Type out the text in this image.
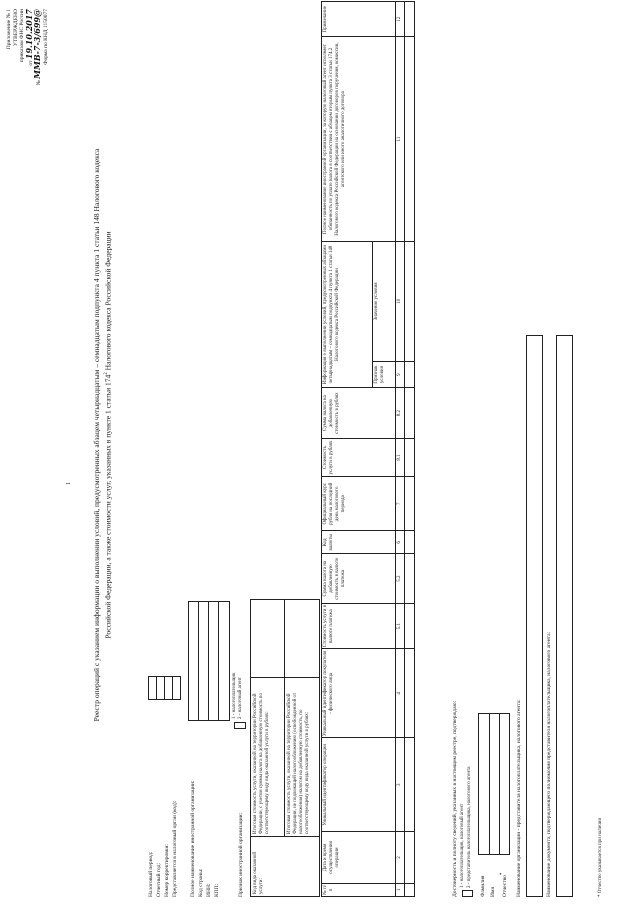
1
Приложение № 1 УТВЕРЖДЕНО приказом ФНС России
от 19.10.2017
№ ММВ-7-3/699@ Форма по КНД 1150077
Реестр операций с указанием информации о выполнении условий, предусмотренных абзацем четырнадцатым – семнадцатым подпункта 4 пункта 1 статьи 148 Налогового кодекса Российской Федерации, а также стоимости услуг, указанных в пункте 1 статьи $174^2$ Налогового кодекса Российской Федерации
Налоговый период: Отчетный год: Номер корректировки: Представляется в налоговый орган (код):	Полное наименование иностранной организации: Код страны: ИНН: КПП:	Признак иностранной организации:
1 - налогоплательщик 2 - налоговый агент
Код вида оказанной услуги:
Итоговая стоимость услуги, оказанной на территории Российской Федерации, с учетом суммы налога на добавленную стоимость по соответствующему виду вида оказанной услуги в рублях:	Итоговая стоимость услуги, оказанной на территории Российской Федерации, не подлежащей налогообложению (освобожденной от налогообложения) налогом на добавленную стоимость, по соответствующему коду вида оказанной услуги в рублях:
№ п/п	Дата и время осуществления операции	Уникальный идентификатор операции	Уникальный идентификатор покупателя - физического лица	Стоимость услуги в валюте платежа	Сумма налога на добавленную стоимость в валюте платежа	Код валюты	Официальный курс рубля на последний день налогового периода	Стоимость услуги в рублях	Сумма налога на добавленную стоимость в рублях	Информация о выполнении условий, предусмотренных абзацами четырнадцатым – семнадцатым подпункта 4 пункта 1 статьи 148 Налогового кодекса Российской Федерации		Полное наименование иностранной организации, за которую налоговый агент исполняет обязанность по уплате налога в соответствии с абзацем вторым пункта 3 статьи 174.2 Налогового кодекса Российской Федерации на основании договоров поручения, комиссии, агентского или иного аналогичного договора	Примечание
										Признак условия	Значение условия		
1	2	3	4	5.1	5.2	6	7	8.1	8.2	9	10	11	12

Достоверность и полноту сведений, указанных в настоящем реестре, подтверждаю: 1 - налогоплательщик, налоговый агент 2 - представитель налогоплательщика, налогового агента Фамилия Имя	Отчество*	Наименование организации - представителя налогоплательщика, налогового агента:	Наименование документа, подтверждающего полномочия представителя налогоплательщика, налогового агента:	* Отчество указывается при наличии
